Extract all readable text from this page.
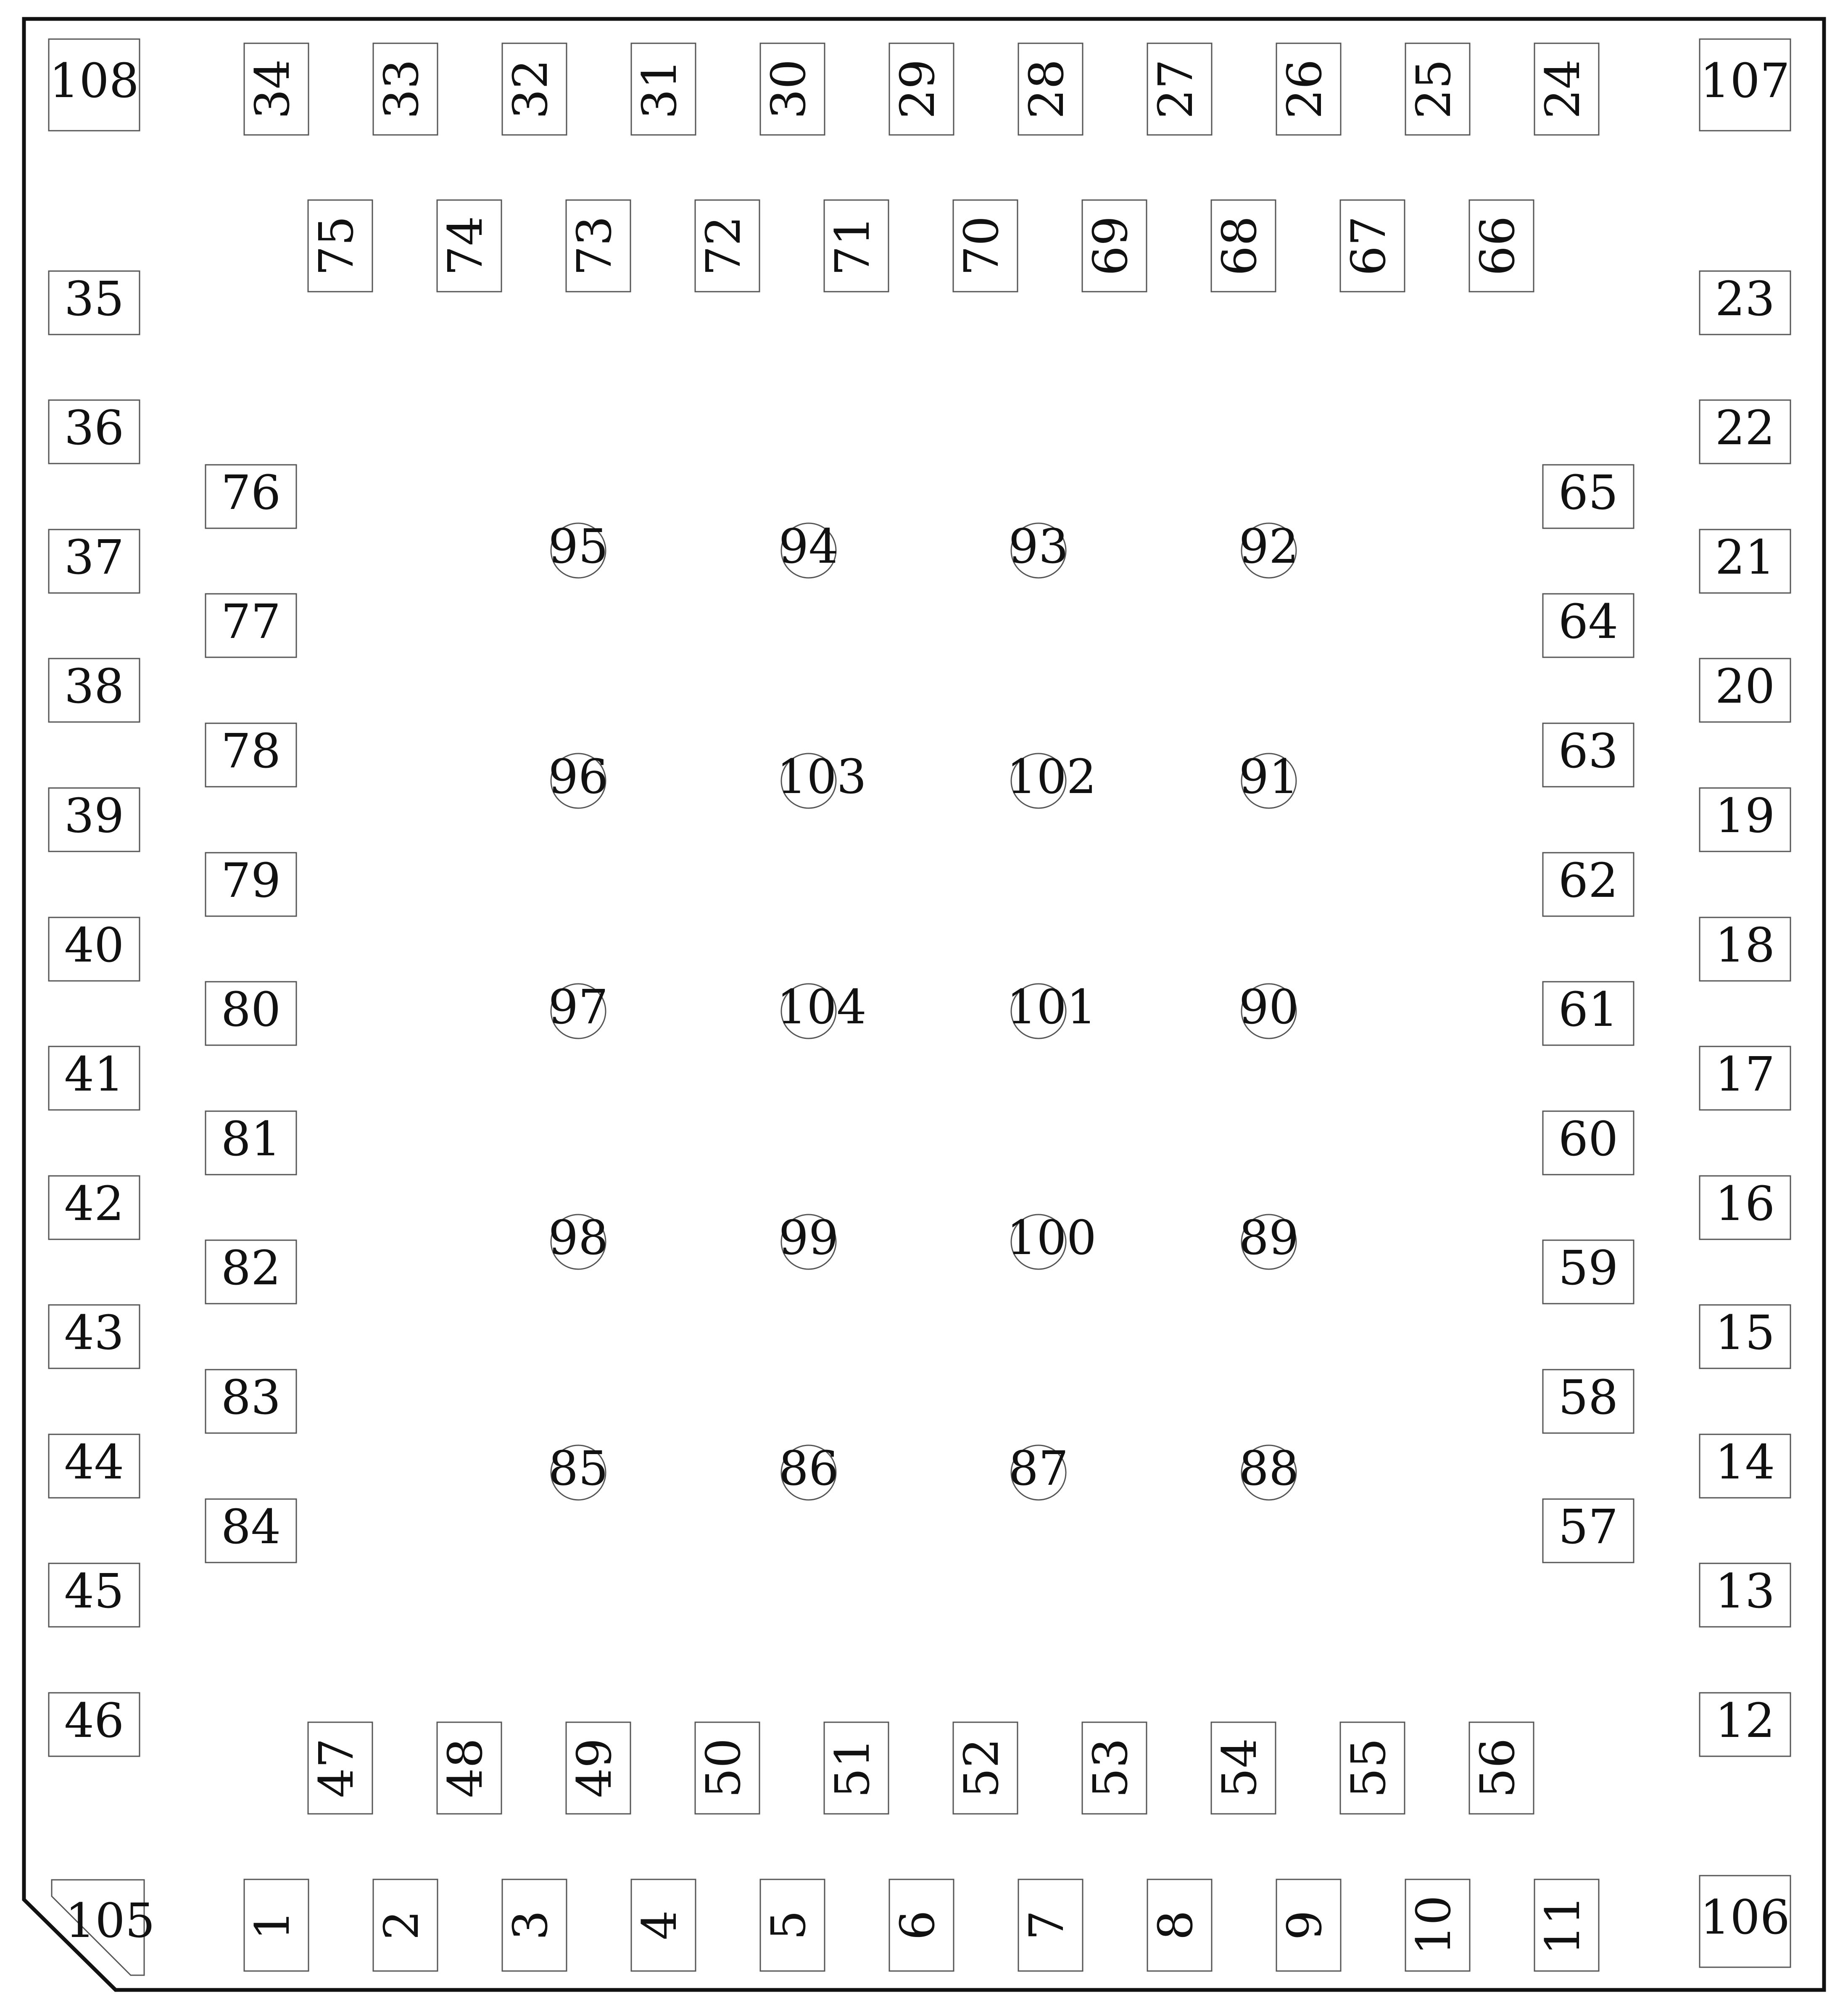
108	107
106
105
34 33 32 31 30 29 28 27 26 25 24
75 74 73 72 71 70 69 68 67 66
35
36
37
38
39
40
41
42
43
44
45
46
76
77
78
79
80
81
82
83
84
23
22
21
20
19
18
17
16
15
14
13
12
65
64
63
62
61
60
59
58
57
47 48 49 50 51 52 53 54 55 56
1 2 3 4 5 6 7 8 9 10 11
95	94	93	92
96	103	102	91
97	104	101	90
98	99	100	89
85	86	87	88
